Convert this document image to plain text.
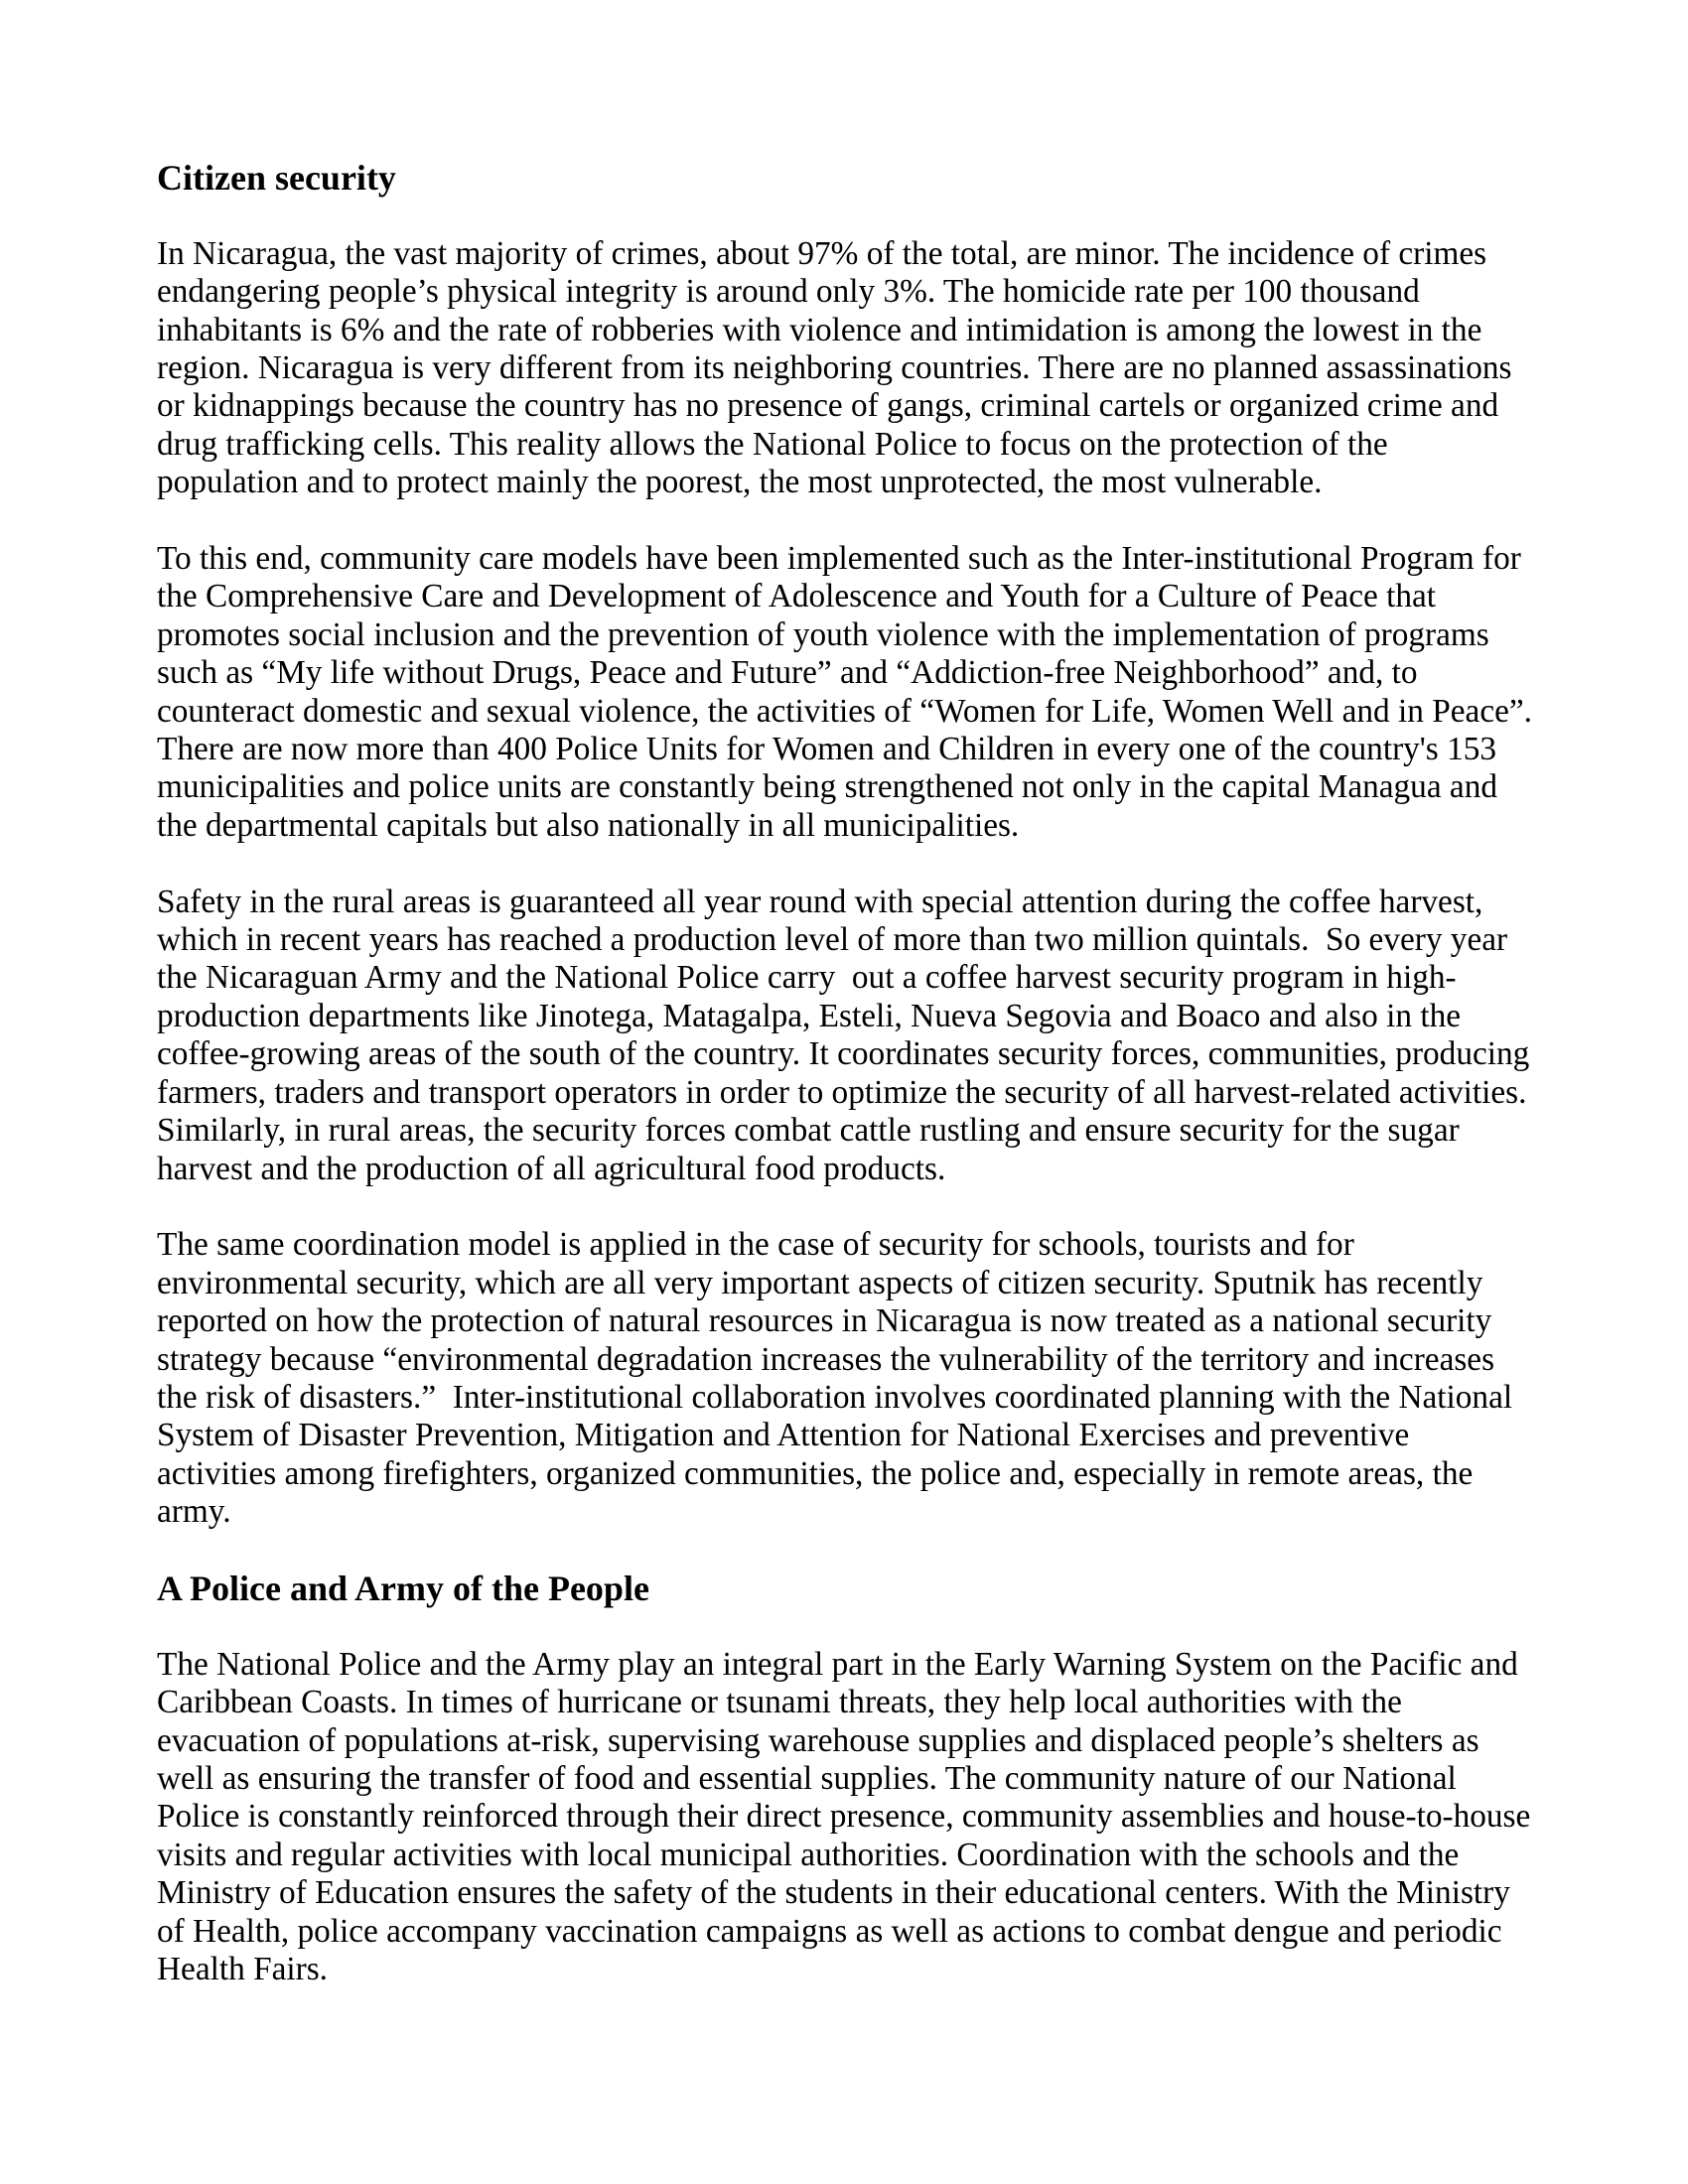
Citizen security

In Nicaragua, the vast majority of crimes, about 97% of the total, are minor. The incidence of crimes endangering people’s physical integrity is around only 3%. The homicide rate per 100 thousand inhabitants is 6% and the rate of robberies with violence and intimidation is among the lowest in the region. Nicaragua is very different from its neighboring countries. There are no planned assassinations or kidnappings because the country has no presence of gangs, criminal cartels or organized crime and drug trafficking cells. This reality allows the National Police to focus on the protection of the population and to protect mainly the poorest, the most unprotected, the most vulnerable.

To this end, community care models have been implemented such as the Inter-institutional Program for the Comprehensive Care and Development of Adolescence and Youth for a Culture of Peace that promotes social inclusion and the prevention of youth violence with the implementation of programs such as “My life without Drugs, Peace and Future” and “Addiction-free Neighborhood” and, to counteract domestic and sexual violence, the activities of “Women for Life, Women Well and in Peace”. There are now more than 400 Police Units for Women and Children in every one of the country's 153 municipalities and police units are constantly being strengthened not only in the capital Managua and the departmental capitals but also nationally in all municipalities.

Safety in the rural areas is guaranteed all year round with special attention during the coffee harvest, which in recent years has reached a production level of more than two million quintals.  So every year the Nicaraguan Army and the National Police carry  out a coffee harvest security program in high-production departments like Jinotega, Matagalpa, Esteli, Nueva Segovia and Boaco and also in the coffee-growing areas of the south of the country. It coordinates security forces, communities, producing farmers, traders and transport operators in order to optimize the security of all harvest-related activities. Similarly, in rural areas, the security forces combat cattle rustling and ensure security for the sugar harvest and the production of all agricultural food products.

The same coordination model is applied in the case of security for schools, tourists and for environmental security, which are all very important aspects of citizen security. Sputnik has recently reported on how the protection of natural resources in Nicaragua is now treated as a national security strategy because “environmental degradation increases the vulnerability of the territory and increases the risk of disasters.”  Inter-institutional collaboration involves coordinated planning with the National System of Disaster Prevention, Mitigation and Attention for National Exercises and preventive activities among firefighters, organized communities, the police and, especially in remote areas, the army.

A Police and Army of the People

The National Police and the Army play an integral part in the Early Warning System on the Pacific and Caribbean Coasts. In times of hurricane or tsunami threats, they help local authorities with the evacuation of populations at-risk, supervising warehouse supplies and displaced people’s shelters as well as ensuring the transfer of food and essential supplies. The community nature of our National Police is constantly reinforced through their direct presence, community assemblies and house-to-house visits and regular activities with local municipal authorities. Coordination with the schools and the Ministry of Education ensures the safety of the students in their educational centers. With the Ministry of Health, police accompany vaccination campaigns as well as actions to combat dengue and periodic Health Fairs.
